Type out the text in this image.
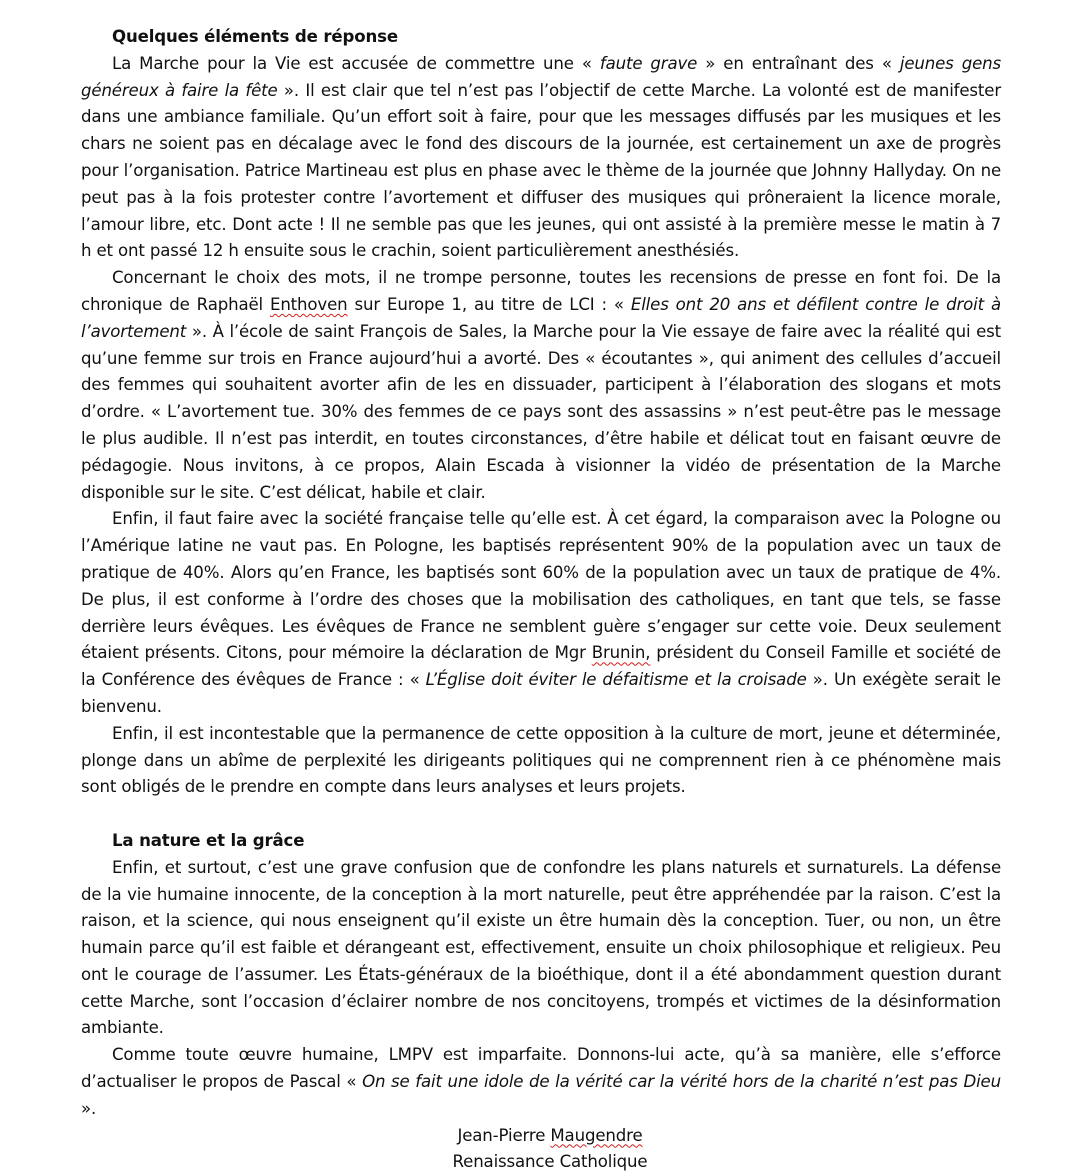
Quelques éléments de réponse

La Marche pour la Vie est accusée de commettre une « faute grave » en entraînant des « jeunes gens généreux à faire la fête ». Il est clair que tel n’est pas l’objectif de cette Marche. La volonté est de manifester dans une ambiance familiale. Qu’un effort soit à faire, pour que les messages diffusés par les musiques et les chars ne soient pas en décalage avec le fond des discours de la journée, est certainement un axe de progrès pour l’organisation. Patrice Martineau est plus en phase avec le thème de la journée que Johnny Hallyday. On ne peut pas à la fois protester contre l’avortement et diffuser des musiques qui prôneraient la licence morale, l’amour libre, etc. Dont acte ! Il ne semble pas que les jeunes, qui ont assisté à la première messe le matin à 7 h et ont passé 12 h ensuite sous le crachin, soient particulièrement anesthésiés.

Concernant le choix des mots, il ne trompe personne, toutes les recensions de presse en font foi. De la chronique de Raphaël Enthoven sur Europe 1, au titre de LCI : « Elles ont 20 ans et défilent contre le droit à l’avortement ». À l’école de saint François de Sales, la Marche pour la Vie essaye de faire avec la réalité qui est qu’une femme sur trois en France aujourd’hui a avorté. Des « écoutantes », qui animent des cellules d’accueil des femmes qui souhaitent avorter afin de les en dissuader, participent à l’élaboration des slogans et mots d’ordre. « L’avortement tue. 30% des femmes de ce pays sont des assassins » n’est peut-être pas le message le plus audible. Il n’est pas interdit, en toutes circonstances, d’être habile et délicat tout en faisant œuvre de pédagogie. Nous invitons, à ce propos, Alain Escada à visionner la vidéo de présentation de la Marche disponible sur le site. C’est délicat, habile et clair.

Enfin, il faut faire avec la société française telle qu’elle est. À cet égard, la comparaison avec la Pologne ou l’Amérique latine ne vaut pas. En Pologne, les baptisés représentent 90% de la population avec un taux de pratique de 40%. Alors qu’en France, les baptisés sont 60% de la population avec un taux de pratique de 4%. De plus, il est conforme à l’ordre des choses que la mobilisation des catholiques, en tant que tels, se fasse derrière leurs évêques. Les évêques de France ne semblent guère s’engager sur cette voie. Deux seulement étaient présents. Citons, pour mémoire la déclaration de Mgr Brunin, président du Conseil Famille et société de la Conférence des évêques de France : « L’Église doit éviter le défaitisme et la croisade ». Un exégète serait le bienvenu.

Enfin, il est incontestable que la permanence de cette opposition à la culture de mort, jeune et déterminée, plonge dans un abîme de perplexité les dirigeants politiques qui ne comprennent rien à ce phénomène mais sont obligés de le prendre en compte dans leurs analyses et leurs projets.

La nature et la grâce

Enfin, et surtout, c’est une grave confusion que de confondre les plans naturels et surnaturels. La défense de la vie humaine innocente, de la conception à la mort naturelle, peut être appréhendée par la raison. C’est la raison, et la science, qui nous enseignent qu’il existe un être humain dès la conception. Tuer, ou non, un être humain parce qu’il est faible et dérangeant est, effectivement, ensuite un choix philosophique et religieux. Peu ont le courage de l’assumer. Les États-généraux de la bioéthique, dont il a été abondamment question durant cette Marche, sont l’occasion d’éclairer nombre de nos concitoyens, trompés et victimes de la désinformation ambiante.

Comme toute œuvre humaine, LMPV est imparfaite. Donnons-lui acte, qu’à sa manière, elle s’efforce d’actualiser le propos de Pascal « On se fait une idole de la vérité car la vérité hors de la charité n’est pas Dieu ».

Jean-Pierre Maugendre

Renaissance Catholique
